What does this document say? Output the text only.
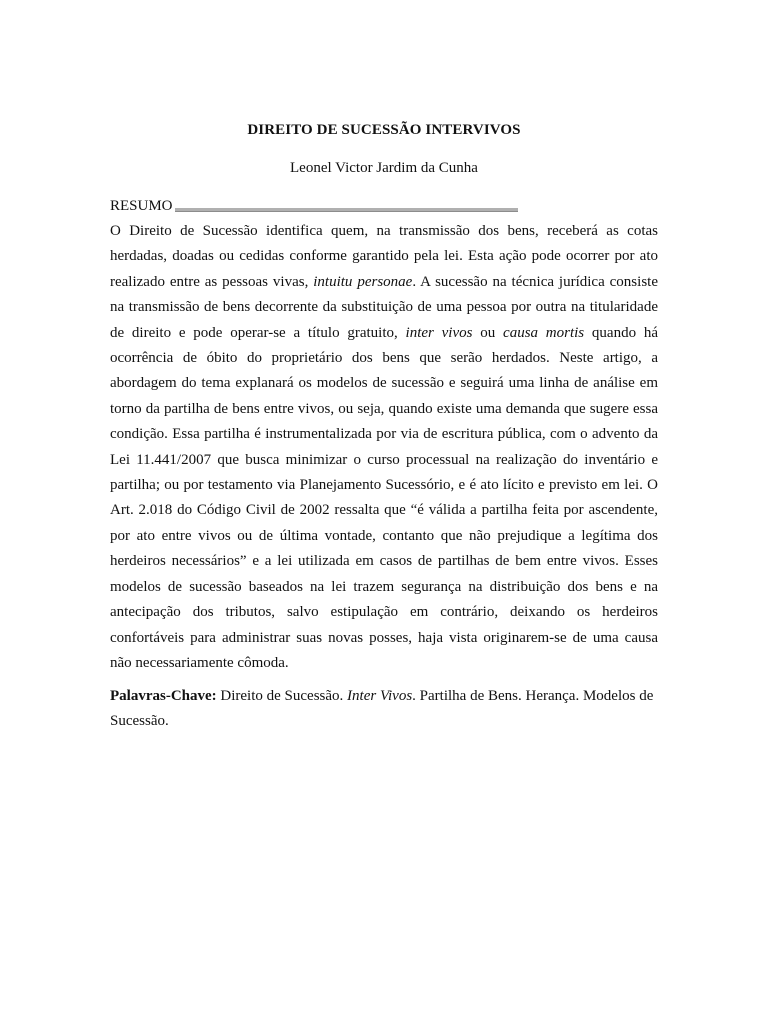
DIREITO DE SUCESSÃO INTERVIVOS
Leonel Victor Jardim da Cunha
RESUMO

O Direito de Sucessão identifica quem, na transmissão dos bens, receberá as cotas herdadas, doadas ou cedidas conforme garantido pela lei. Esta ação pode ocorrer por ato realizado entre as pessoas vivas, intuitu personae. A sucessão na técnica jurídica consiste na transmissão de bens decorrente da substituição de uma pessoa por outra na titularidade de direito e pode operar-se a título gratuito, inter vivos ou causa mortis quando há ocorrência de óbito do proprietário dos bens que serão herdados. Neste artigo, a abordagem do tema explanará os modelos de sucessão e seguirá uma linha de análise em torno da partilha de bens entre vivos, ou seja, quando existe uma demanda que sugere essa condição. Essa partilha é instrumentalizada por via de escritura pública, com o advento da Lei 11.441/2007 que busca minimizar o curso processual na realização do inventário e partilha; ou por testamento via Planejamento Sucessório, e é ato lícito e previsto em lei. O Art. 2.018 do Código Civil de 2002 ressalta que “é válida a partilha feita por ascendente, por ato entre vivos ou de última vontade, contanto que não prejudique a legítima dos herdeiros necessários” e a lei utilizada em casos de partilhas de bem entre vivos. Esses modelos de sucessão baseados na lei trazem segurança na distribuição dos bens e na antecipação dos tributos, salvo estipulação em contrário, deixando os herdeiros confortáveis para administrar suas novas posses, haja vista originarem-se de uma causa não necessariamente cômoda.

Palavras-Chave: Direito de Sucessão. Inter Vivos. Partilha de Bens. Herança. Modelos de Sucessão.
